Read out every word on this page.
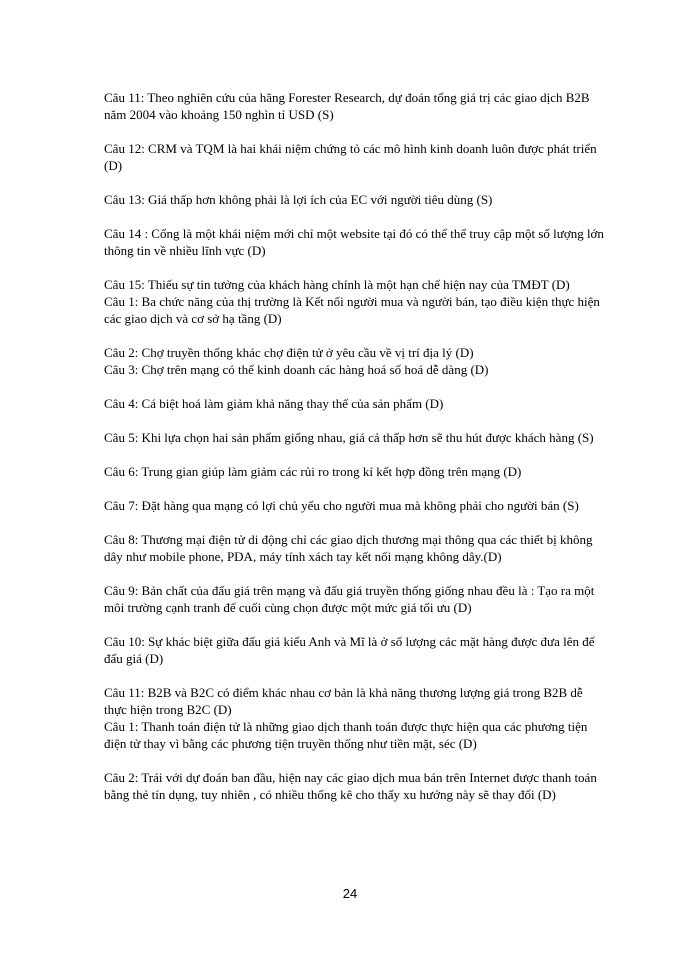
Câu 11: Theo nghiên cứu của hãng Forester Research, dự đoán tổng giá trị các giao dịch B2B năm 2004 vào khoảng 150 nghìn tỉ USD (S)

Câu 12: CRM và TQM là hai khái niệm chứng tỏ các mô hình kinh doanh luôn được phát triển (D)

Câu 13: Giá thấp hơn không phải là lợi ích của EC với người tiêu dùng (S)

Câu 14 : Cổng là một khái niệm mới chỉ một website tại đó có thể thể truy cập một số lượng lớn thông tin về nhiều lĩnh vực (D)

Câu 15: Thiếu sự tin tưởng của khách hàng chính là một hạn chế hiện nay của TMĐT (D)

Câu 1: Ba chức năng của thị trường là Kết nối người mua và người bán, tạo điều kiện thực hiện các giao dịch và cơ sở hạ tầng (D)

Câu 2: Chợ truyền thống khác chợ điện tử ở yêu cầu về vị trí địa lý (D)

Câu 3: Chợ trên mạng có thể kinh doanh các hàng hoá số hoá dễ dàng (D)

Câu 4: Cá biệt hoá làm giảm khả năng thay thế của sản phẩm (D)

Câu 5: Khi lựa chọn hai sản phẩm giống nhau, giá cả thấp hơn sẽ thu hút được khách hàng (S)

Câu 6: Trung gian giúp làm giảm các rủi ro trong kí kết hợp đồng trên mạng (D)

Câu 7: Đặt hàng qua mạng có lợi chủ yếu cho người mua mà không phải cho người bán (S)

Câu 8: Thương mại điện tử di động chỉ các giao dịch thương mại thông qua các thiết bị không dây như mobile phone, PDA, máy tính xách tay kết nối mạng không dây.(D)

Câu 9: Bản chất của đấu giá trên mạng và đấu giá truyền thống giống nhau đều là : Tạo ra một môi trường cạnh tranh để cuối cùng chọn được một mức giá tối ưu (D)

Câu 10: Sự khác biệt giữa đấu giá kiểu Anh và Mĩ là ở số lượng các mặt hàng được đưa lên để đấu giá (D)

Câu 11: B2B và B2C có điểm khác nhau cơ bản là khả năng thương lượng giá trong B2B dễ thực hiện trong B2C (D)

Câu 1: Thanh toán điện tử là những giao dịch thanh toán được thực hiện qua các phương tiện điện tử thay vì bằng các phương tiện truyền thống như tiền mặt, séc (D)

Câu 2: Trái với dự đoán ban đầu, hiện nay các giao dịch mua bán trên Internet được thanh toán bằng thẻ tín dụng, tuy nhiên , có nhiều thống kê cho thấy xu hướng này sẽ thay đổi (D)

24
